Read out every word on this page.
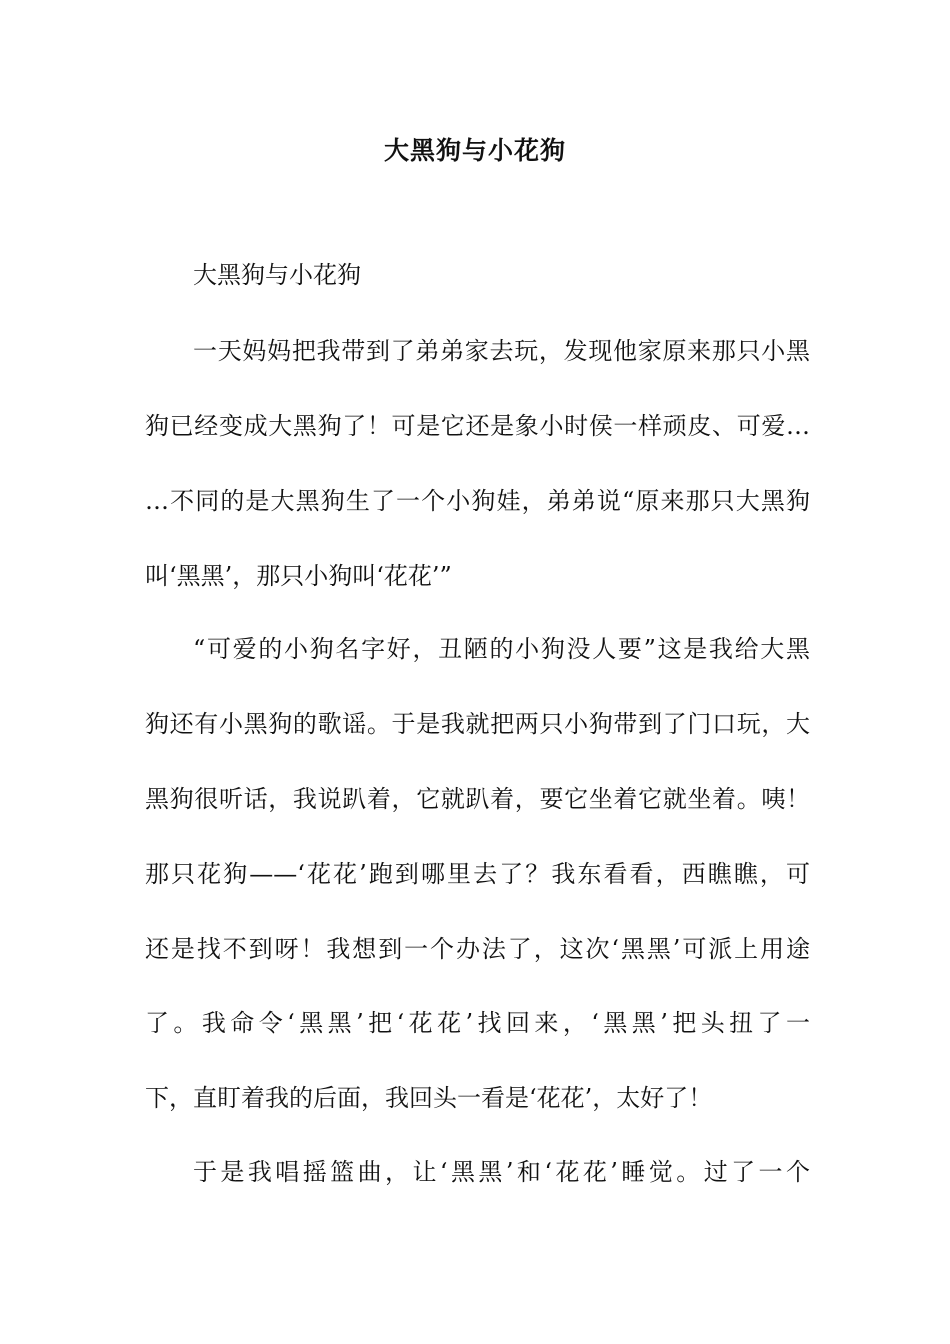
大黑狗与小花狗

大黑狗与小花狗

一天妈妈把我带到了弟弟家去玩，发现他家原来那只小黑

狗已经变成大黑狗了！可是它还是象小时侯一样顽皮、可爱…

…不同的是大黑狗生了一个小狗娃，弟弟说“原来那只大黑狗

叫‘黑黑’，那只小狗叫‘花花’”

“可爱的小狗名字好，丑陋的小狗没人要”这是我给大黑

狗还有小黑狗的歌谣。于是我就把两只小狗带到了门口玩，大

黑狗很听话，我说趴着，它就趴着，要它坐着它就坐着。咦！

那只花狗——‘花花’跑到哪里去了？我东看看，西瞧瞧，可

还是找不到呀！我想到一个办法了，这次‘黑黑’可派上用途

了。我命令‘黑黑’把‘花花’找回来，‘黑黑’把头扭了一

下，直盯着我的后面，我回头一看是‘花花’，太好了！

于是我唱摇篮曲，让‘黑黑’和‘花花’睡觉。过了一个
